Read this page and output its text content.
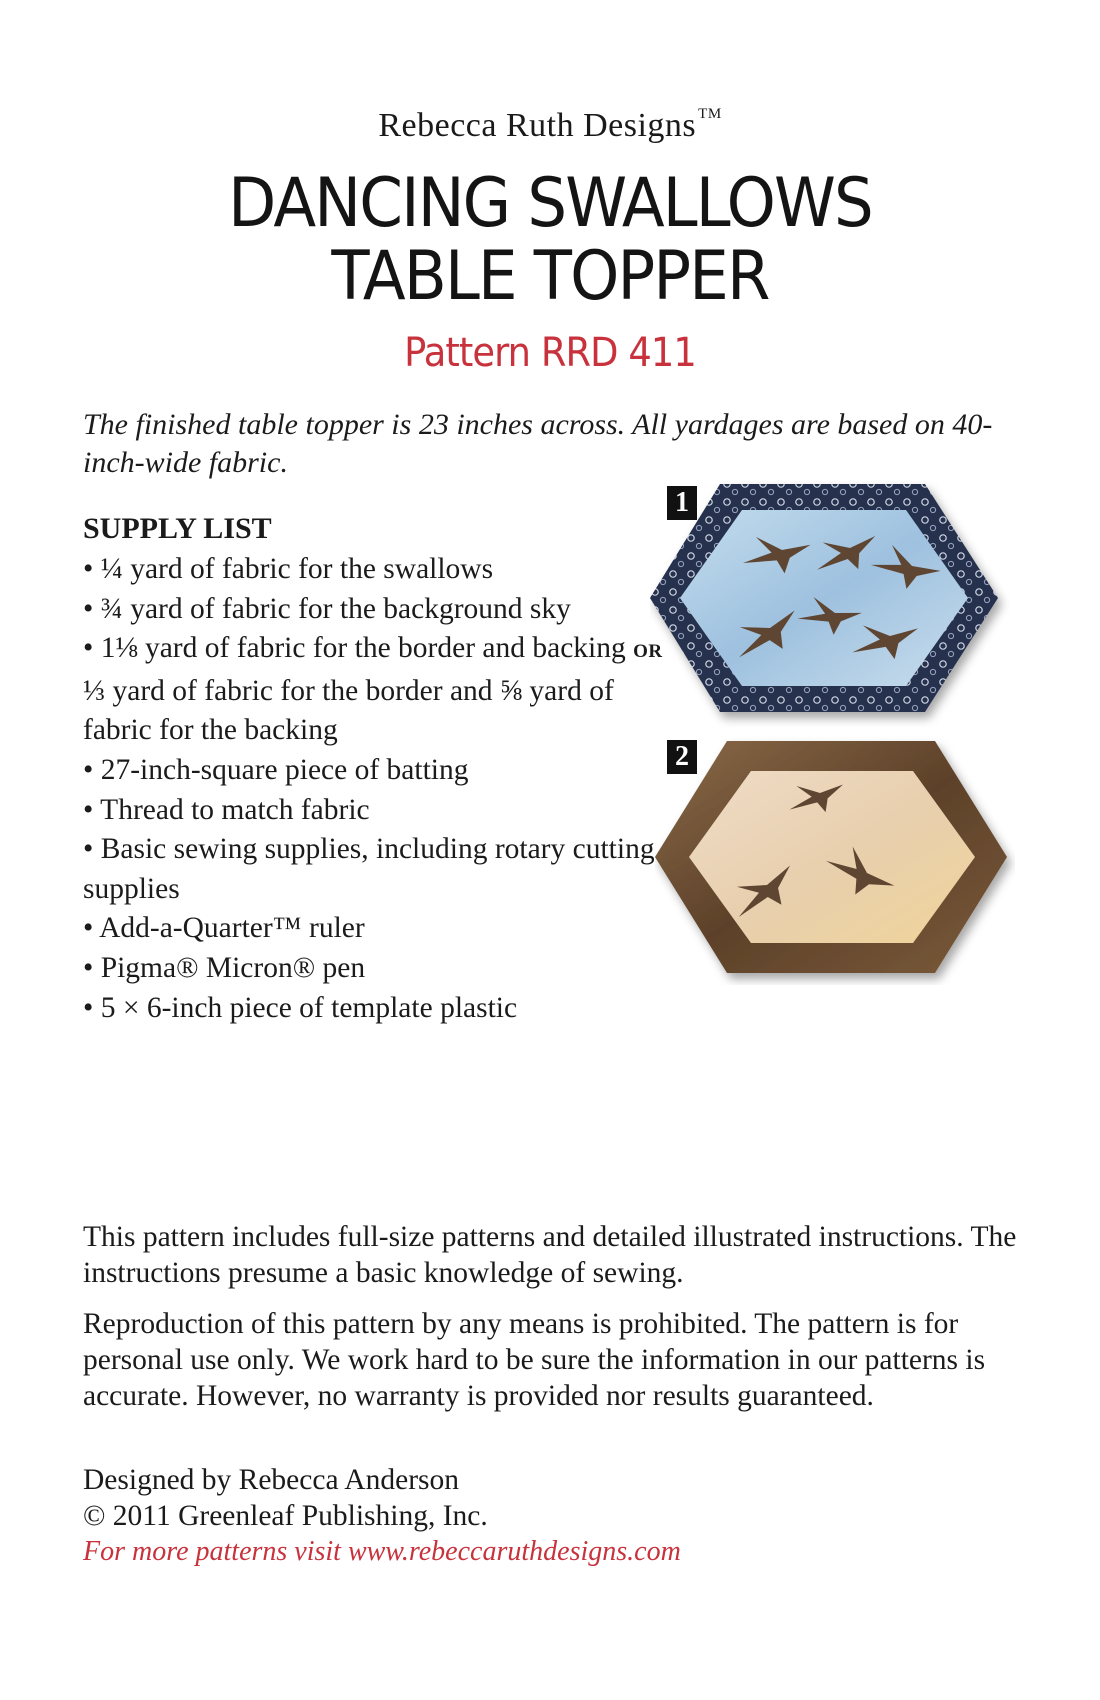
Rebecca Ruth Designs ™
DANCING SWALLOWS
TABLE TOPPER
Pattern RRD 411
The finished table topper is 23 inches across. All yardages are based on 40-inch-wide fabric.
SUPPLY LIST
• ¼ yard of fabric for the swallows
• ¾ yard of fabric for the background sky
• 1⅛ yard of fabric for the border and backing OR ⅓ yard of fabric for the border and ⅝ yard of fabric for the backing
• 27-inch-square piece of batting
• Thread to match fabric
• Basic sewing supplies, including rotary cutting supplies
• Add-a-Quarter™ ruler
• Pigma® Micron® pen
• 5 × 6-inch piece of template plastic
1
2
This pattern includes full-size patterns and detailed illustrated instructions. The instructions presume a basic knowledge of sewing.
Reproduction of this pattern by any means is prohibited. The pattern is for personal use only. We work hard to be sure the information in our patterns is accurate. However, no warranty is provided nor results guaranteed.
Designed by Rebecca Anderson
© 2011 Greenleaf Publishing, Inc.
For more patterns visit www.rebeccaruthdesigns.com
